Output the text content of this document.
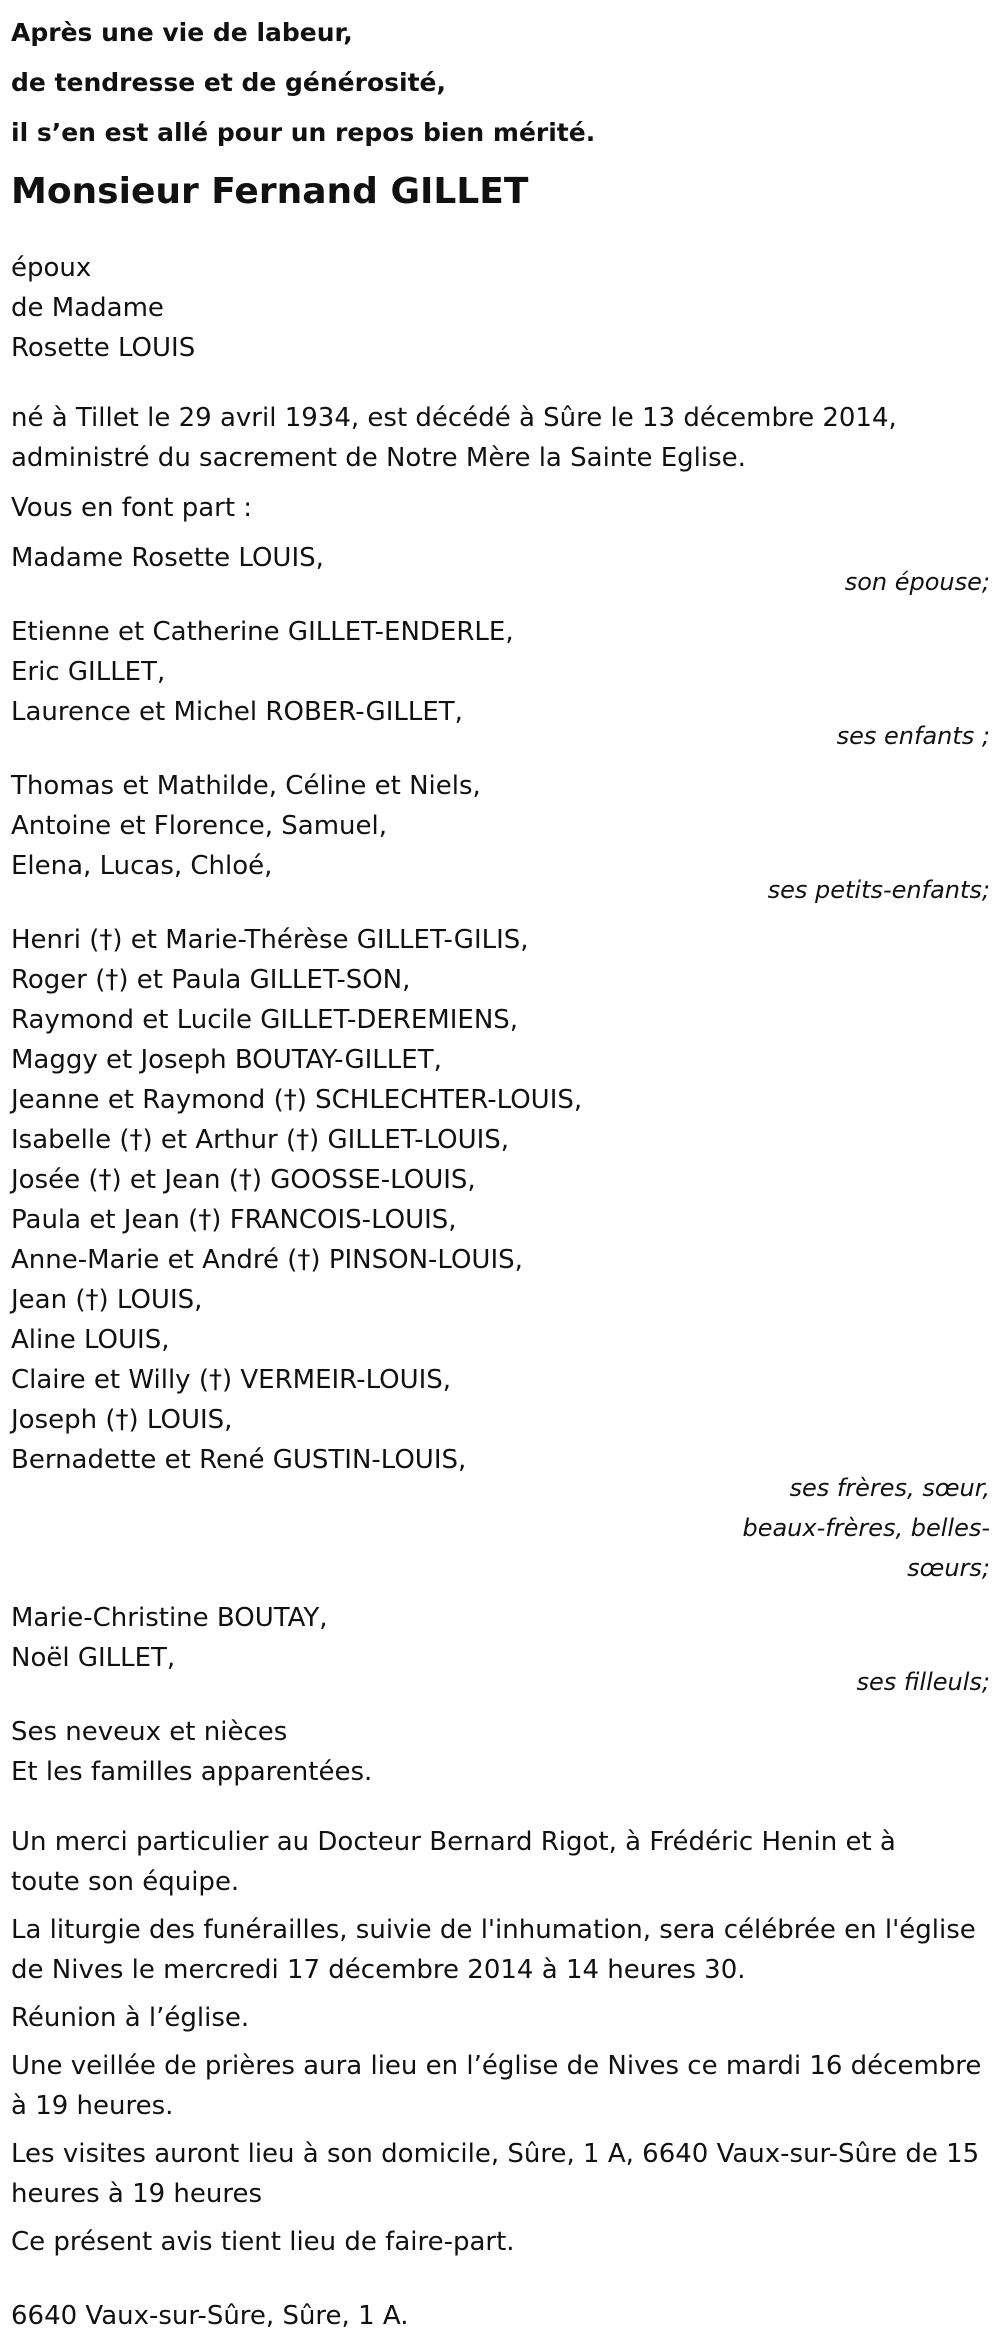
Après une vie de labeur,

de tendresse et de générosité,

il s’en est allé pour un repos bien mérité.

Monsieur Fernand GILLET

époux

de Madame

Rosette LOUIS

né à Tillet le 29 avril 1934, est décédé à Sûre le 13 décembre 2014,

administré du sacrement de Notre Mère la Sainte Eglise.

Vous en font part :

Madame Rosette LOUIS,

son épouse;

Etienne et Catherine GILLET-ENDERLE,

Eric GILLET,

Laurence et Michel ROBER-GILLET,

ses enfants ;

Thomas et Mathilde, Céline et Niels,

Antoine et Florence, Samuel,

Elena, Lucas, Chloé,

ses petits-enfants;

Henri (†) et Marie-Thérèse GILLET-GILIS,

Roger (†) et Paula GILLET-SON,

Raymond et Lucile GILLET-DEREMIENS,

Maggy et Joseph BOUTAY-GILLET,

Jeanne et Raymond (†) SCHLECHTER-LOUIS,

Isabelle (†) et Arthur (†) GILLET-LOUIS,

Josée (†) et Jean (†) GOOSSE-LOUIS,

Paula et Jean (†) FRANCOIS-LOUIS,

Anne-Marie et André (†) PINSON-LOUIS,

Jean (†) LOUIS,

Aline LOUIS,

Claire et Willy (†) VERMEIR-LOUIS,

Joseph (†) LOUIS,

Bernadette et René GUSTIN-LOUIS,

ses frères, sœur,

beaux-frères, belles-

sœurs;

Marie-Christine BOUTAY,

Noël GILLET,

ses filleuls;

Ses neveux et nièces

Et les familles apparentées.

Un merci particulier au Docteur Bernard Rigot, à Frédéric Henin et à

toute son équipe.

La liturgie des funérailles, suivie de l'inhumation, sera célébrée en l'église

de Nives le mercredi 17 décembre 2014 à 14 heures 30.

Réunion à l’église.

Une veillée de prières aura lieu en l’église de Nives ce mardi 16 décembre

à 19 heures.

Les visites auront lieu à son domicile, Sûre, 1 A, 6640 Vaux-sur-Sûre de 15

heures à 19 heures

Ce présent avis tient lieu de faire-part.

6640 Vaux-sur-Sûre, Sûre, 1 A.
